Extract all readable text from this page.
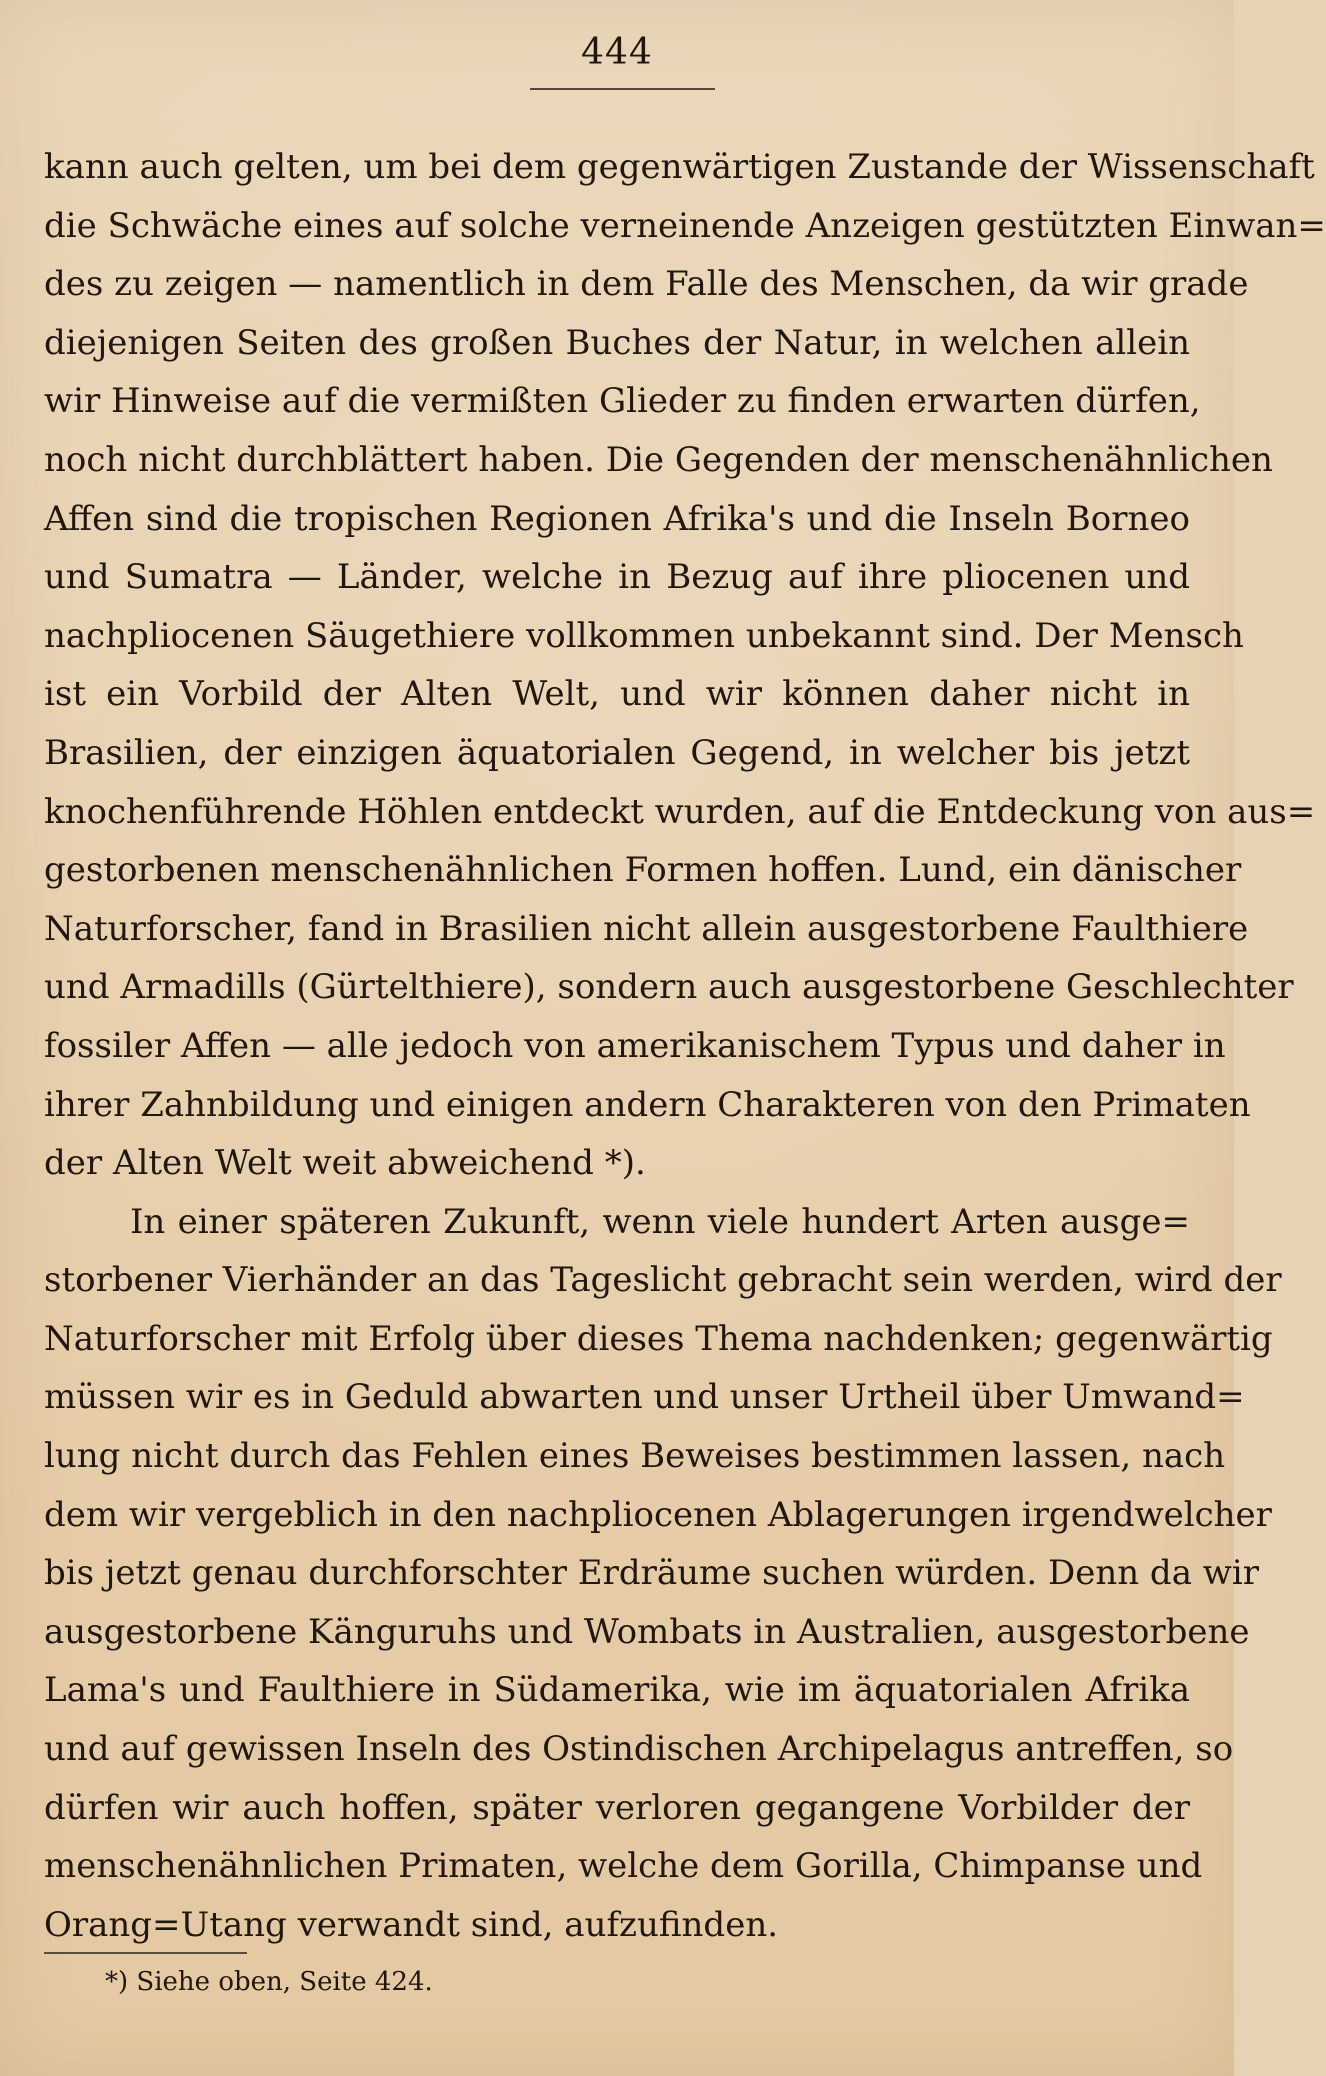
444
kann auch gelten, um bei dem gegenwärtigen Zustande der Wissenschaft
die Schwäche eines auf solche verneinende Anzeigen gestützten Einwan=
des zu zeigen — namentlich in dem Falle des Menschen, da wir grade
diejenigen Seiten des großen Buches der Natur, in welchen allein
wir Hinweise auf die vermißten Glieder zu finden erwarten dürfen,
noch nicht durchblättert haben. Die Gegenden der menschenähnlichen
Affen sind die tropischen Regionen Afrika's und die Inseln Borneo
und Sumatra — Länder, welche in Bezug auf ihre pliocenen und
nachpliocenen Säugethiere vollkommen unbekannt sind. Der Mensch
ist ein Vorbild der Alten Welt, und wir können daher nicht in
Brasilien, der einzigen äquatorialen Gegend, in welcher bis jetzt
knochenführende Höhlen entdeckt wurden, auf die Entdeckung von aus=
gestorbenen menschenähnlichen Formen hoffen. Lund, ein dänischer
Naturforscher, fand in Brasilien nicht allein ausgestorbene Faulthiere
und Armadills (Gürtelthiere), sondern auch ausgestorbene Geschlechter
fossiler Affen — alle jedoch von amerikanischem Typus und daher in
ihrer Zahnbildung und einigen andern Charakteren von den Primaten
der Alten Welt weit abweichend *).
In einer späteren Zukunft, wenn viele hundert Arten ausge=
storbener Vierhänder an das Tageslicht gebracht sein werden, wird der
Naturforscher mit Erfolg über dieses Thema nachdenken; gegenwärtig
müssen wir es in Geduld abwarten und unser Urtheil über Umwand=
lung nicht durch das Fehlen eines Beweises bestimmen lassen, nach
dem wir vergeblich in den nachpliocenen Ablagerungen irgendwelcher
bis jetzt genau durchforschter Erdräume suchen würden. Denn da wir
ausgestorbene Känguruhs und Wombats in Australien, ausgestorbene
Lama's und Faulthiere in Südamerika, wie im äquatorialen Afrika
und auf gewissen Inseln des Ostindischen Archipelagus antreffen, so
dürfen wir auch hoffen, später verloren gegangene Vorbilder der
menschenähnlichen Primaten, welche dem Gorilla, Chimpanse und
Orang=Utang verwandt sind, aufzufinden.
*) Siehe oben, Seite 424.
